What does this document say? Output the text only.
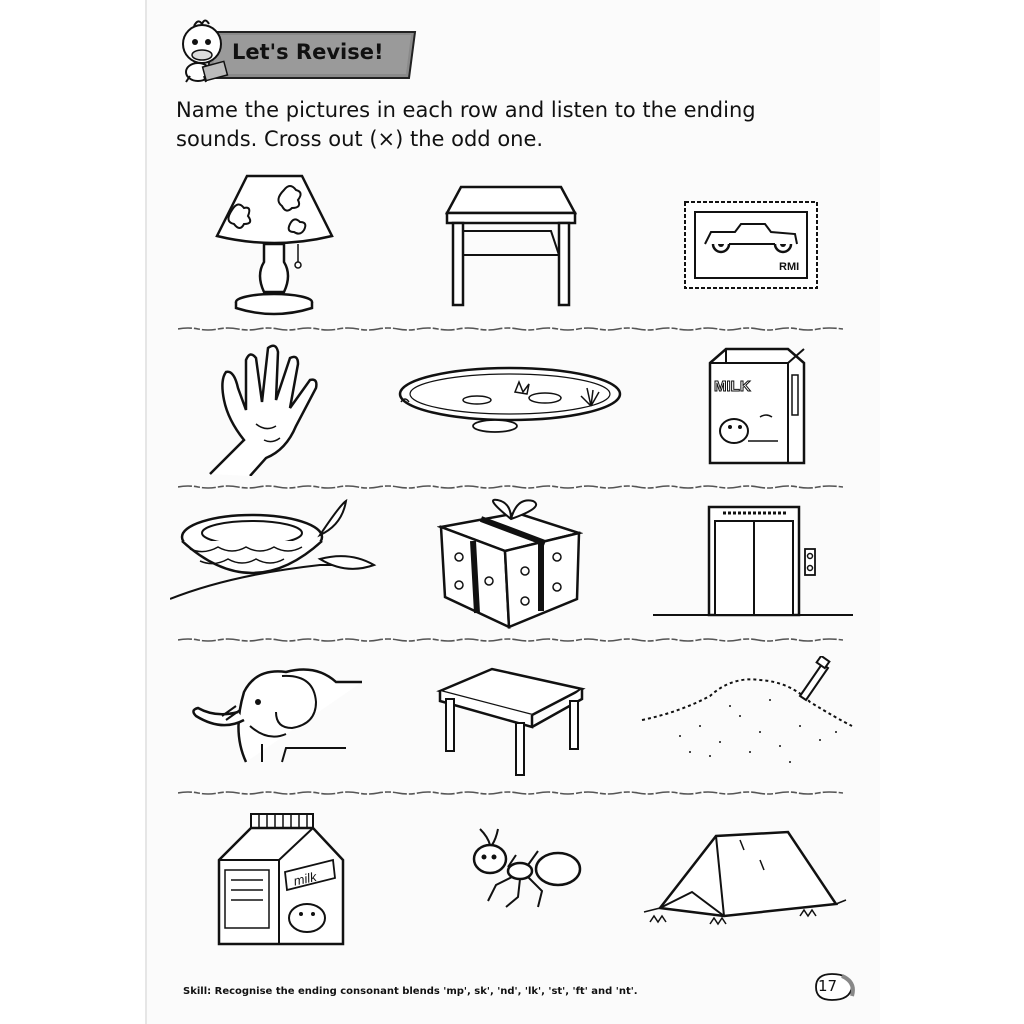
Let's Revise!

Name the pictures in each row and listen to the ending sounds. Cross out (×) the odd one.

RMI
MILK
milk
Skill: Recognise the ending consonant blends 'mp', sk', 'nd', 'lk', 'st', 'ft' and 'nt'.	17
